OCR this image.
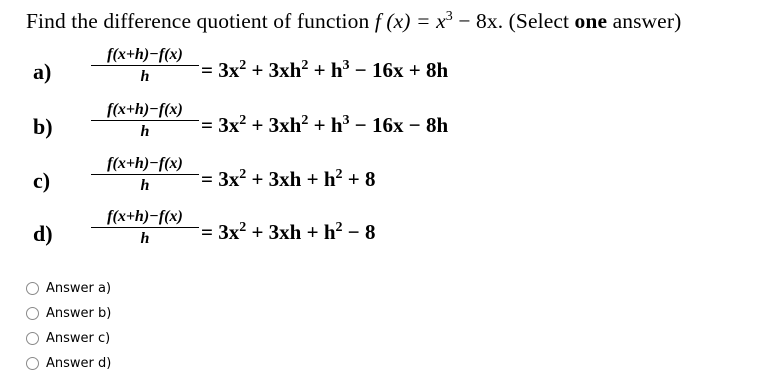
Find the difference quotient of function f $(x) = x^3 - 8x$. (Select one answer)
$a) \frac{f(x+h)-f(x)}{h} = 3x^2 + 3xh^2 + h^3 - 16x + 8h$
$b) \frac{f(x+h)-f(x)}{h} = 3x^2 + 3xh^2 + h^3 - 16x - 8h$
c)	$\frac{f(x+h)-f(x)}{h} = 3x^2 + 3xh + h^2 + 8$
$d) \frac{f(x+h)-f(x)}{h} = 3x^2 + 3xh + h^2 - 8$
Answer a)
Answer b)
Answer c)
Answer d)
